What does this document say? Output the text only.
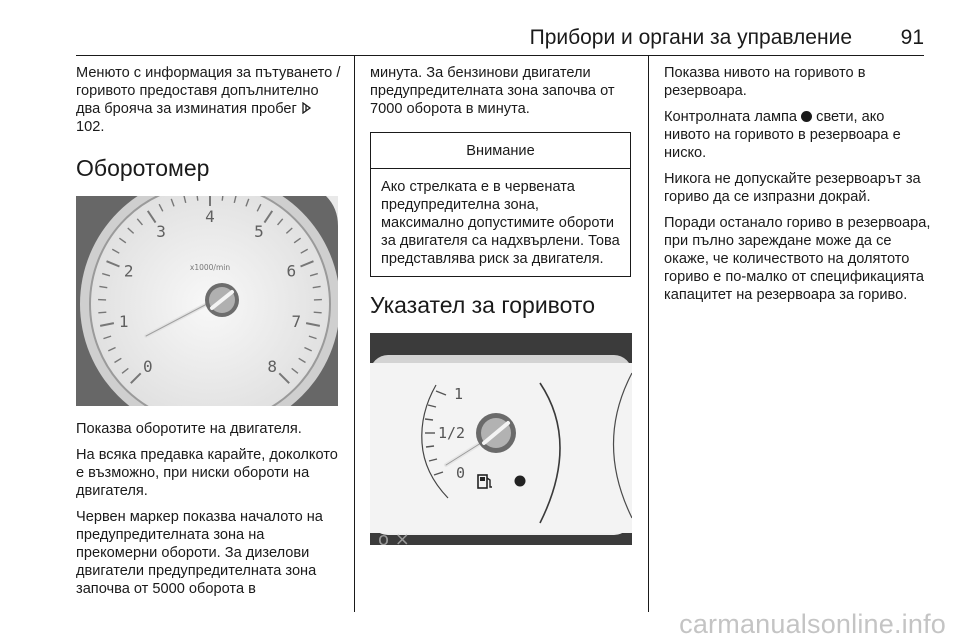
Прибори и органи за управление 91

Менюто с информация за пътуването / горивото предоставя допълнително два брояча за изминатия пробег  102.

Оборотомер
0
1
2
3
4
5
6
7
8
x1000/min

Показва оборотите на двигателя.

На всяка предавка карайте, доколкото е възможно, при ниски обороти на двигателя.

Червен маркер показва началото на предупредителната зона на прекомерни обороти. За дизелови двигатели предупредителната зона започва от 5000 оборота в

минута. За бензинови двигатели предупредителната зона започва от 7000 оборота в минута.

Внимание
Ако стрелката е в червената предупредителна зона, максимално допустимите обороти за двигателя са надхвърлени. Това представлява риск за двигателя.
Указател за горивото
1
1/2
0
o ×

Показва нивото на горивото в резервоара.

Контролната лампа свети, ако нивото на горивото в резервоара е ниско.

Никога не допускайте резервоарът за гориво да се изпразни докрай.

Поради останало гориво в резервоара, при пълно зареждане може да се окаже, че количеството на долятото гориво е по-малко от спецификацията капацитет на резервоара за гориво.

carmanualsonline.info
